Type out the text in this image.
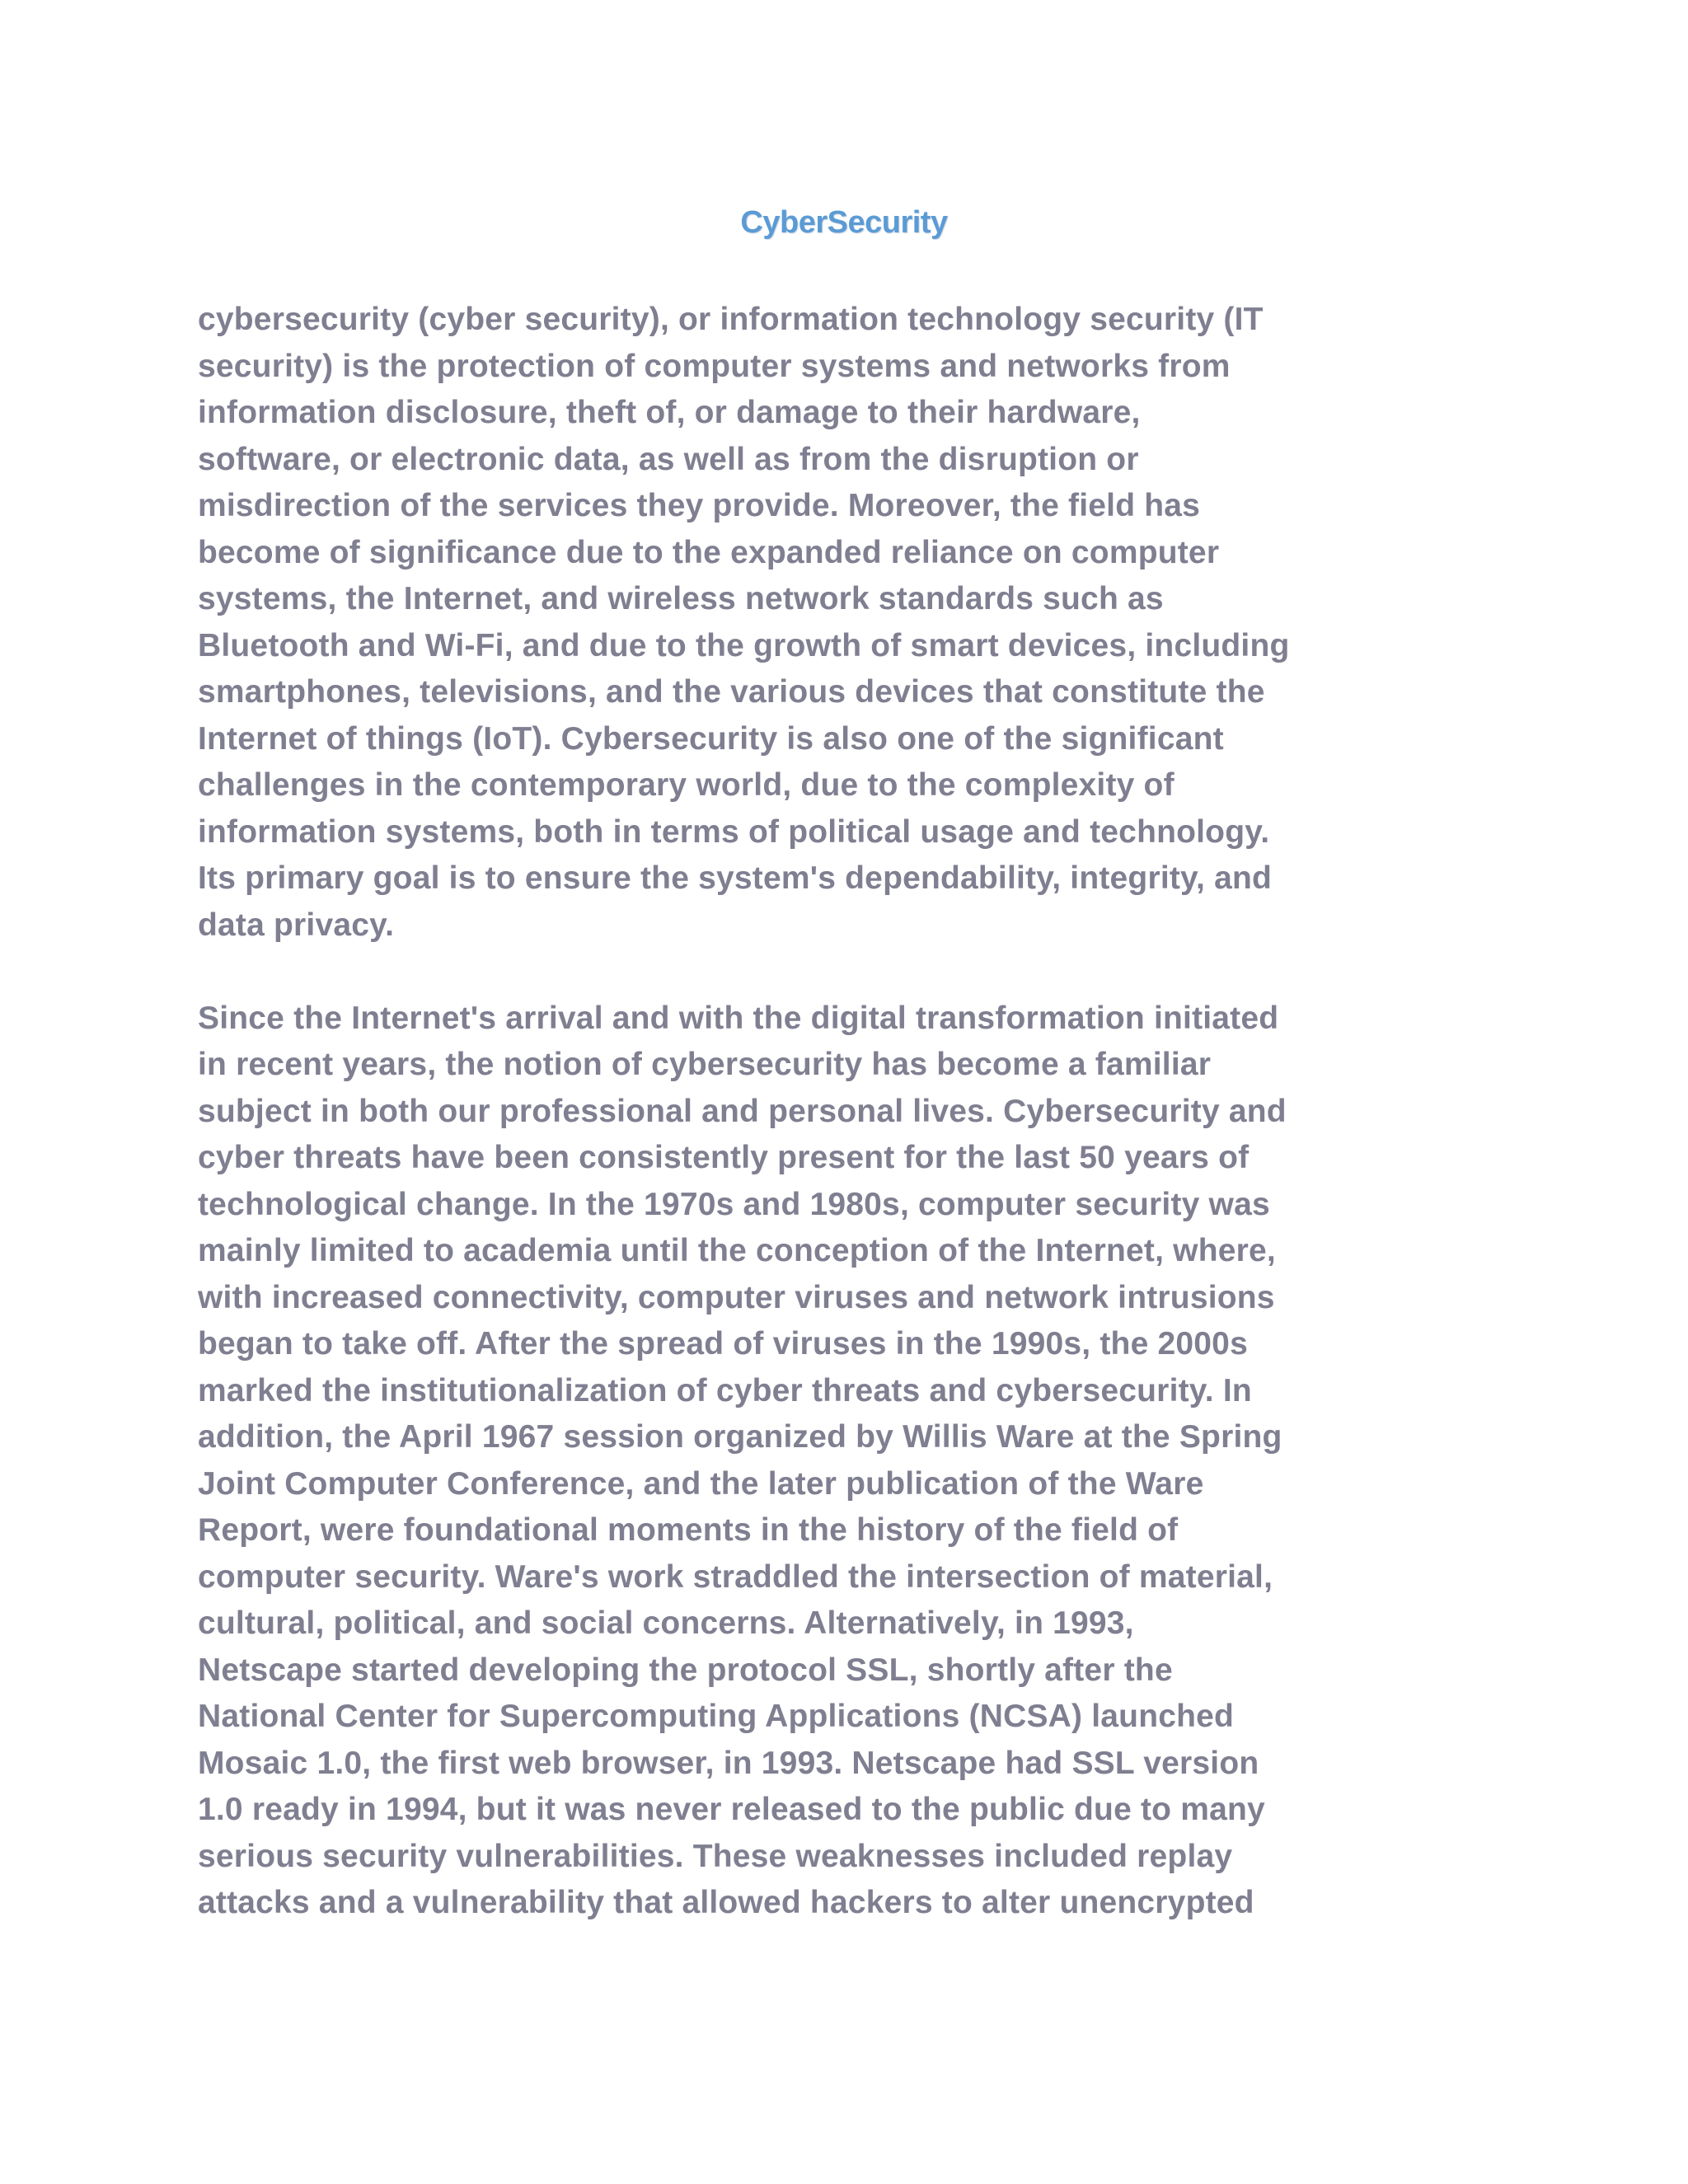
CyberSecurity

cybersecurity (cyber security), or information technology security (IT
security) is the protection of computer systems and networks from
information disclosure, theft of, or damage to their hardware,
software, or electronic data, as well as from the disruption or
misdirection of the services they provide. Moreover, the field has
become of significance due to the expanded reliance on computer
systems, the Internet, and wireless network standards such as
Bluetooth and Wi-Fi, and due to the growth of smart devices, including
smartphones, televisions, and the various devices that constitute the
Internet of things (IoT). Cybersecurity is also one of the significant
challenges in the contemporary world, due to the complexity of
information systems, both in terms of political usage and technology.
Its primary goal is to ensure the system's dependability, integrity, and
data privacy.

Since the Internet's arrival and with the digital transformation initiated
in recent years, the notion of cybersecurity has become a familiar
subject in both our professional and personal lives. Cybersecurity and
cyber threats have been consistently present for the last 50 years of
technological change. In the 1970s and 1980s, computer security was
mainly limited to academia until the conception of the Internet, where,
with increased connectivity, computer viruses and network intrusions
began to take off. After the spread of viruses in the 1990s, the 2000s
marked the institutionalization of cyber threats and cybersecurity. In
addition, the April 1967 session organized by Willis Ware at the Spring
Joint Computer Conference, and the later publication of the Ware
Report, were foundational moments in the history of the field of
computer security. Ware's work straddled the intersection of material,
cultural, political, and social concerns. Alternatively, in 1993,
Netscape started developing the protocol SSL, shortly after the
National Center for Supercomputing Applications (NCSA) launched
Mosaic 1.0, the first web browser, in 1993. Netscape had SSL version
1.0 ready in 1994, but it was never released to the public due to many
serious security vulnerabilities. These weaknesses included replay
attacks and a vulnerability that allowed hackers to alter unencrypted
